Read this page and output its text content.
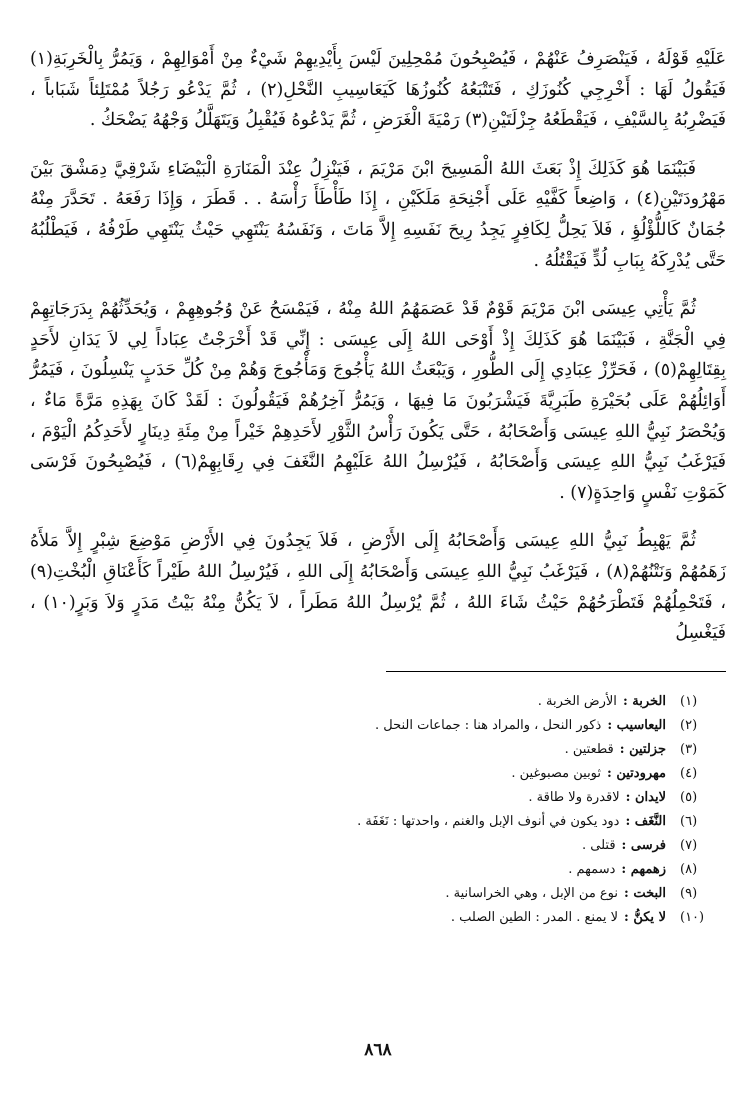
عَلَيْهِ قَوْلَهُ ، فَيَنْصَرِفُ عَنْهُمْ ، فَيُصْبِحُونَ مُمْحِلِينَ لَيْسَ بِأَيْدِيهِمْ شَيْءٌ مِنْ أَمْوَالِهِمْ ، وَيَمُرُّ بِالْخَرِبَةِ(١) فَيَقُولُ لَهَا : أَخْرِجِي كُنُوزَكِ ، فَتَتْبَعُهُ كُنُوزُهَا كَيَعَاسِيبِ النَّحْلِ(٢) ، ثُمَّ يَدْعُو رَجُلاً مُمْتَلِئاً شَبَاباً ، فَيَضْرِبُهُ بِالسَّيْفِ ، فَيَقْطَعُهُ جِزْلَتَيْنِ(٣) رَمْيَةَ الْغَرَضِ ، ثُمَّ يَدْعُوهُ فَيُقْبِلُ وَيَتَهَلَّلُ وَجْهُهُ يَضْحَكُ .

فَبَيْنَمَا هُوَ كَذَلِكَ إِذْ بَعَثَ اللهُ الْمَسِيحَ ابْنَ مَرْيَمَ ، فَيَنْزِلُ عِنْدَ الْمَنَارَةِ الْبَيْضَاءِ شَرْقِيَّ دِمَشْقَ بَيْنَ مَهْرُودَتَيْنِ(٤) ، وَاضِعاً كَفَّيْهِ عَلَى أَجْنِحَةِ مَلَكَيْنِ ، إِذَا طَأْطَأَ رَأْسَهُ . . قَطَرَ ، وَإِذَا رَفَعَهُ . تَحَدَّرَ مِنْهُ جُمَانٌ كَاللُّؤْلُؤِ ، فَلاَ يَحِلُّ لِكَافِرٍ يَجِدُ رِيحَ نَفَسِهِ إِلاَّ مَاتَ ، وَنَفَسُهُ يَنْتَهِي حَيْثُ يَنْتَهِي طَرْفُهُ ، فَيَطْلُبُهُ حَتَّى يُدْرِكَهُ بِبَابِ لُدٍّ فَيَقْتُلُهُ .

ثُمَّ يَأْتِي عِيسَى ابْنَ مَرْيَمَ قَوْمٌ قَدْ عَصَمَهُمُ اللهُ مِنْهُ ، فَيَمْسَحُ عَنْ وُجُوهِهِمْ ، وَيُحَدِّثُهُمْ بِدَرَجَاتِهِمْ فِي الْجَنَّةِ ، فَبَيْنَمَا هُوَ كَذَلِكَ إِذْ أَوْحَى اللهُ إِلَى عِيسَى : إِنِّي قَدْ أَخْرَجْتُ عِبَاداً لِي لاَ يَدَانِ لأَحَدٍ بِقِتَالِهِمْ(٥) ، فَحَرِّزْ عِبَادِي إِلَى الطُّورِ ، وَيَبْعَثُ اللهُ يَأْجُوجَ وَمَأْجُوجَ وَهُمْ مِنْ كُلِّ حَدَبٍ يَنْسِلُونَ ، فَيَمُرُّ أَوَائِلُهُمْ عَلَى بُحَيْرَةِ طَبَرِيَّةَ فَيَشْرَبُونَ مَا فِيهَا ، وَيَمُرُّ آخِرُهُمْ فَيَقُولُونَ : لَقَدْ كَانَ بِهَذِهِ مَرَّةً مَاءٌ ، وَيُحْصَرُ نَبِيُّ اللهِ عِيسَى وَأَصْحَابُهُ ، حَتَّى يَكُونَ رَأْسُ الثَّوْرِ لأَحَدِهِمْ خَيْراً مِنْ مِئَةِ دِينَارٍ لأَحَدِكُمُ الْيَوْمَ ، فَيَرْغَبُ نَبِيُّ اللهِ عِيسَى وَأَصْحَابُهُ ، فَيُرْسِلُ اللهُ عَلَيْهِمُ النَّغَفَ فِي رِقَابِهِمْ(٦) ، فَيُصْبِحُونَ فَرْسَى كَمَوْتِ نَفْسٍ وَاحِدَةٍ(٧) .

ثُمَّ يَهْبِطُ نَبِيُّ اللهِ عِيسَى وَأَصْحَابُهُ إِلَى الأَرْضِ ، فَلاَ يَجِدُونَ فِي الأَرْضِ مَوْضِعَ شِبْرٍ إِلاَّ مَلأَهُ زَهَمُهُمْ وَنَتْنُهُمْ(٨) ، فَيَرْغَبُ نَبِيُّ اللهِ عِيسَى وَأَصْحَابُهُ إِلَى اللهِ ، فَيُرْسِلُ اللهُ طَيْراً كَأَعْنَاقِ الْبُخْتِ(٩) ، فَتَحْمِلُهُمْ فَتَطْرَحُهُمْ حَيْثُ شَاءَ اللهُ ، ثُمَّ يُرْسِلُ اللهُ مَطَراً ، لاَ يَكُنُّ مِنْهُ بَيْتُ مَدَرٍ وَلاَ وَبَرٍ(١٠) ، فَيَغْسِلُ

(١)
الخربة :
الأرض الخربة .
(٢)
اليعاسيب :
ذكور النحل ، والمراد هنا : جماعات النحل .
(٣)
جزلتين :
قطعتين .
(٤)
مهرودتين :
ثوبين مصبوغين .
(٥)
لايدان :
لاقدرة ولا طاقة .
(٦)
النَّغَف :
دود يكون في أنوف الإبل والغنم ، واحدتها : نَغَفَة .
(٧)
فرسى :
قتلى .
(٨)
زهمهم :
دسمهم .
(٩)
البخت :
نوع من الإبل ، وهي الخراسانية .
(١٠)
لا يكنُّ :
لا يمنع . المدر : الطين الصلب .
٨٦٨
